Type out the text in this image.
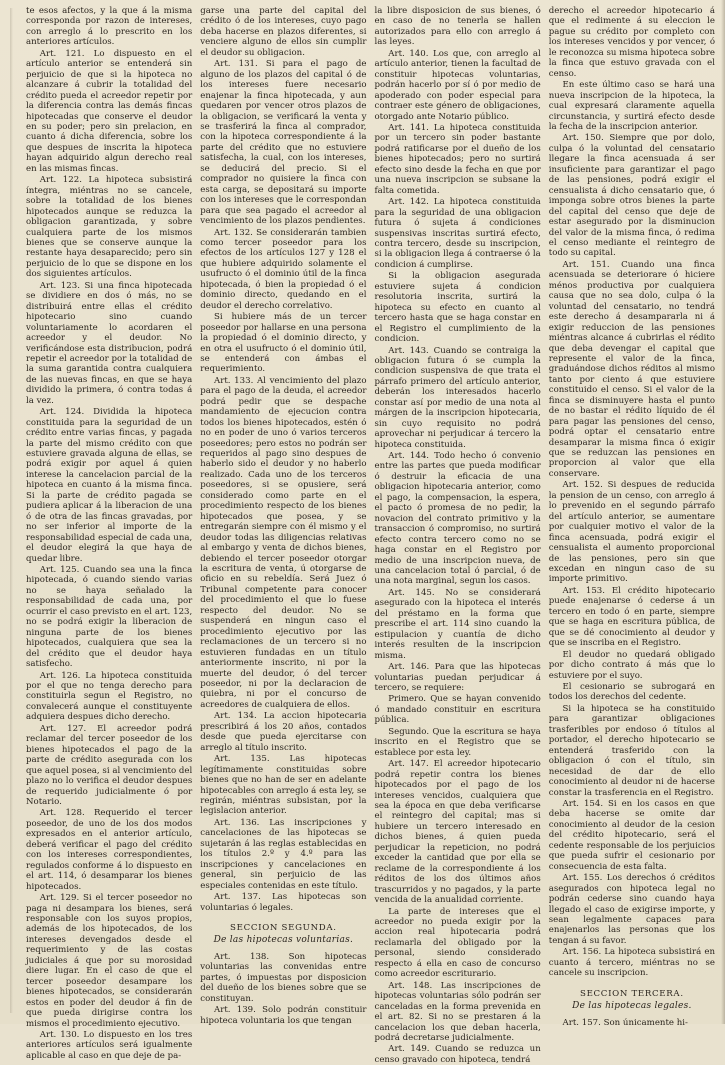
te esos afectos, y la que á la misma corresponda por razon de intereses, con arreglo á lo prescrito en los anteriores artículos.

Art. 121. Lo dispuesto en el artículo anterior se entenderá sin perjuicio de que si la hipoteca no alcanzare á cubrir la totalidad del crédito pueda el acreedor repetir por la diferencia contra las demás fincas hipotecadas que conserve el deudor en su poder; pero sin prelacion, en cuanto á dicha diferencia, sobre los que despues de inscrita la hipoteca hayan adquirido algun derecho real en las mismas fincas.

Art. 122. La hipoteca subsistirá íntegra, miéntras no se cancele, sobre la totalidad de los bienes hipotecados aunque se reduzca la obligacion garantizada, y sobre cualquiera parte de los mismos bienes que se conserve aunque la restante haya desaparecido; pero sin perjuicio de lo que se dispone en los dos siguientes artículos.

Art. 123. Si una finca hipotecada se dividiere en dos ó más, no se distribuirá entre ellas el crédito hipotecario sino cuando voluntariamente lo acordaren el acreedor y el deudor. No verificándose esta distribucion, podrá repetir el acreedor por la totalidad de la suma garantida contra cualquiera de las nuevas fincas, en que se haya dividido la primera, ó contra todas á la vez.

Art. 124. Dividida la hipoteca constituida para la seguridad de un crédito entre varias fincas, y pagada la parte del mismo crédito con que estuviere gravada alguna de ellas, se podrá exigir por aquel á quien interese la cancelacion parcial de la hipoteca en cuanto á la misma finca. Si la parte de crédito pagada se pudiera aplicar á la liberacion de una ó de otra de las fincas gravadas, por no ser inferior al importe de la responsabilidad especial de cada una, el deudor elegirá la que haya de quedar libre.

Art. 125. Cuando sea una la finca hipotecada, ó cuando siendo varias no se haya señalado la responsabilidad de cada una, por ocurrir el caso previsto en el art. 123, no se podrá exigir la liberacion de ninguna parte de los bienes hipotecados, cualquiera que sea la del crédito que el deudor haya satisfecho.

Art. 126. La hipoteca constituida por el que no tenga derecho para constituirla segun el Registro, no convalecerá aunque el constituyente adquiera despues dicho derecho.

Art. 127. El acreedor podrá reclamar del tercer poseedor de los bienes hipotecados el pago de la parte de crédito asegurada con los que aquel posea, si al vencimiento del plazo no lo verifica el deudor despues de requerido judicialmente ó por Notario.

Art. 128. Requerido el tercer poseedor, de uno de los dos modos expresados en el anterior artículo, deberá verificar el pago del crédito con los intereses correspondientes, regulados conforme á lo dispuesto en el art. 114, ó desamparar los bienes hipotecados.

Art. 129. Si el tercer poseedor no paga ni desampara los bienes, será responsable con los suyos propios, además de los hipotecados, de los intereses devengados desde el requerimiento y de las costas judiciales á que por su morosidad diere lugar. En el caso de que el tercer poseedor desampare los bienes hipotecados, se considerarán estos en poder del deudor á fin de que pueda dirigirse contra los mismos el procedimiento ejecutivo.

Art. 130. Lo dispuesto en los tres anteriores artículos será igualmente aplicable al caso en que deje de pa-

garse una parte del capital del crédito ó de los intereses, cuyo pago deba hacerse en plazos diferentes, si venciere alguno de ellos sin cumplir el deudor su obligacion.

Art. 131. Si para el pago de alguno de los plazos del capital ó de los intereses fuere necesario enajenar la finca hipotecada, y aun quedaren por vencer otros plazos de la obligacion, se verificará la venta y se trasferirá la finca al comprador, con la hipoteca correspondiente á la parte del crédito que no estuviere satisfecha, la cual, con los intereses, se deducirá del precio. Si el comprador no quisiere la finca con esta carga, se depositará su importe con los intereses que le correspondan para que sea pagado el acreedor al vencimiento de los plazos pendientes.

Art. 132. Se considerarán tambien como tercer poseedor para los efectos de los artículos 127 y 128 el que hubiere adquirido solamente el usufructo ó el dominio útil de la finca hipotecada, ó bien la propiedad ó el dominio directo, quedando en el deudor el derecho correlativo.

Si hubiere más de un tercer poseedor por hallarse en una persona la propiedad ó el dominio directo, y en otra el usufructo ó el dominio útil, se entenderá con ámbas el requerimiento.

Art. 133. Al vencimiento del plazo para el pago de la deuda, el acreedor podrá pedir que se despache mandamiento de ejecucion contra todos los bienes hipotecados, estén ó no en poder de uno ó varios terceros poseedores; pero estos no podrán ser requeridos al pago sino despues de haberlo sido el deudor y no haberlo realizado. Cada uno de los terceros poseedores, si se opusiere, será considerado como parte en el procedimiento respecto de los bienes hipotecados que posea, y se entregarán siempre con él mismo y el deudor todas las diligencias relativas al embargo y venta de dichos bienes, debiendo el tercer poseedor otorgar la escritura de venta, ú otorgarse de oficio en su rebeldía. Será Juez ó Tribunal competente para conocer del procedimiento el que lo fuese respecto del deudor. No se suspenderá en ningun caso el procedimiento ejecutivo por las reclamaciones de un tercero si no estuvieren fundadas en un título anteriormente inscrito, ni por la muerte del deudor, ó del tercer poseedor, ni por la declaracion de quiebra, ni por el concurso de acreedores de cualquiera de ellos.

Art. 134. La accion hipotecaria prescribirá á los 20 años, contados desde que pueda ejercitarse con arreglo al título inscrito.

Art. 135. Las hipotecas legítimamente constituidas sobre bienes que no han de ser en adelante hipotecables con arreglo á esta ley, se regirán, miéntras subsistan, por la legislacion anterior.

Art. 136. Las inscripciones y cancelaciones de las hipotecas se sujetarán á las reglas establecidas en los títulos 2.º y 4.º para las inscripciones y cancelaciones en general, sin perjuicio de las especiales contenidas en este título.

Art. 137. Las hipotecas son voluntarias ó legales.

SECCION SEGUNDA.
De las hipotecas voluntarias.

Art. 138. Son hipotecas voluntarias las convenidas entre partes, ó impuestas por disposicion del dueño de los bienes sobre que se constituyan.

Art. 139. Solo podrán constituir hipoteca voluntaria los que tengan

la libre disposicion de sus bienes, ó en caso de no tenerla se hallen autorizados para ello con arreglo á las leyes.

Art. 140. Los que, con arreglo al artículo anterior, tienen la facultad de constituir hipotecas voluntarias, podrán hacerlo por sí ó por medio de apoderado con poder especial para contraer este género de obligaciones, otorgado ante Notario público.

Art. 141. La hipoteca constituida por un tercero sin poder bastante podrá ratificarse por el dueño de los bienes hipotecados; pero no surtirá efecto sino desde la fecha en que por una nueva inscripcion se subsane la falta cometida.

Art. 142. La hipoteca constituida para la seguridad de una obligacion futura ó sujeta á condiciones suspensivas inscritas surtirá efecto, contra tercero, desde su inscripcion, si la obligacion llega á contraerse ó la condicion á cumplirse.

Si la obligacion asegurada estuviere sujeta á condicion resolutoria inscrita, surtirá la hipoteca su efecto en cuanto al tercero hasta que se haga constar en el Registro el cumplimiento de la condicion.

Art. 143. Cuando se contraiga la obligacion futura ó se cumpla la condicion suspensiva de que trata el párrafo primero del artículo anterior, deberán los interesados hacerlo constar así por medio de una nota al márgen de la inscripcion hipotecaria, sin cuyo requisito no podrá aprovechar ni perjudicar á tercero la hipoteca constituida.

Art. 144. Todo hecho ó convenio entre las partes que pueda modificar ó destruir la eficacia de una obligacion hipotecaria anterior, como el pago, la compensacion, la espera, el pacto ó promesa de no pedir, la novacion del contrato primitivo y la transaccion ó compromiso, no surtirá efecto contra tercero como no se haga constar en el Registro por medio de una inscripcion nueva, de una cancelacion total ó parcial, ó de una nota marginal, segun los casos.

Art. 145. No se considerará asegurado con la hipoteca el interés del préstamo en la forma que prescribe el art. 114 sino cuando la estipulacion y cuantía de dicho interés resulten de la inscripcion misma.

Art. 146. Para que las hipotecas voluntarias puedan perjudicar á tercero, se requiere:

Primero. Que se hayan convenido ó mandado constituir en escritura pública.

Segundo. Que la escritura se haya inscrito en el Registro que se establece por esta ley.

Art. 147. El acreedor hipotecario podrá repetir contra los bienes hipotecados por el pago de los intereses vencidos, cualquiera que sea la época en que deba verificarse el reintegro del capital; mas si hubiere un tercero interesado en dichos bienes, á quien pueda perjudicar la repeticion, no podrá exceder la cantidad que por ella se reclame de la correspondiente á los réditos de los dos últimos años trascurridos y no pagados, y la parte vencida de la anualidad corriente.

La parte de intereses que el acreedor no pueda exigir por la accion real hipotecaria podrá reclamarla del obligado por la personal, siendo considerado respecto á ella en caso de concurso como acreedor escriturario.

Art. 148. Las inscripciones de hipotecas voluntarias sólo podrán ser canceladas en la forma prevenida en el art. 82. Si no se prestaren á la cancelacion los que deban hacerla, podrá decretarse judicialmente.

Art. 149. Cuando se reduzca un censo gravado con hipoteca, tendrá

derecho el acreedor hipotecario á que el redimente á su eleccion le pague su crédito por completo con los intereses vencidos y por vencer, ó le reconozca su misma hipoteca sobre la finca que estuvo gravada con el censo.

En este último caso se hará una nueva inscripcion de la hipoteca, la cual expresará claramente aquella circunstancia, y surtirá efecto desde la fecha de la inscripcion anterior.

Art. 150. Siempre que por dolo, culpa ó la voluntad del censatario llegare la finca acensuada á ser insuficiente para garantizar el pago de las pensiones, podrá exigir el censualista á dicho censatario que, ó imponga sobre otros bienes la parte del capital del censo que deje de estar asegurado por la disminucion del valor de la misma finca, ó redima el censo mediante el reintegro de todo su capital.

Art. 151. Cuando una finca acensuada se deteriorare ó hiciere ménos productiva por cualquiera causa que no sea dolo, culpa ó la voluntad del censatario, no tendrá este derecho á desampararla ni á exigir reduccion de las pensiones miéntras alcance á cubrirlas el rédito que deba devengar el capital que represente el valor de la finca, graduándose dichos réditos al mismo tanto por ciento á que estuviere constituido el censo. Si el valor de la finca se disminuyere hasta el punto de no bastar el rédito líquido de él para pagar las pensiones del censo, podrá optar el censatario entre desamparar la misma finca ó exigir que se reduzcan las pensiones en proporcion al valor que ella conservare.

Art. 152. Si despues de reducida la pension de un censo, con arreglo á lo prevenido en el segundo párrafo del artículo anterior, se aumentare por cualquier motivo el valor de la finca acensuada, podrá exigir el censualista el aumento proporcional de las pensiones, pero sin que excedan en ningun caso de su importe primitivo.

Art. 153. El crédito hipotecario puede enajenarse ó cederse á un tercero en todo ó en parte, siempre que se haga en escritura pública, de que se dé conocimiento al deudor y que se inscriba en el Registro.

El deudor no quedará obligado por dicho contrato á más que lo estuviere por el suyo.

El cesionario se subrogará en todos los derechos del cedente.

Si la hipoteca se ha constituido para garantizar obligaciones trasferibles por endoso ó títulos al portador, el derecho hipotecario se entenderá trasferido con la obligacion ó con el título, sin necesidad de dar de ello conocimiento al deudor ni de hacerse constar la trasferencia en el Registro.

Art. 154. Si en los casos en que deba hacerse se omite dar conocimiento al deudor de la cesion del crédito hipotecario, será el cedente responsable de los perjuicios que pueda sufrir el cesionario por consecuencia de esta falta.

Art. 155. Los derechos ó créditos asegurados con hipoteca legal no podrán cederse sino cuando haya llegado el caso de exigirse importe, y sean legalmente capaces para enajenarlos las personas que los tengan á su favor.

Art. 156. La hipoteca subsistirá en cuanto á tercero, miéntras no se cancele su inscripcion.

SECCION TERCERA.
De las hipotecas legales.

Art. 157. Son únicamente hi-
